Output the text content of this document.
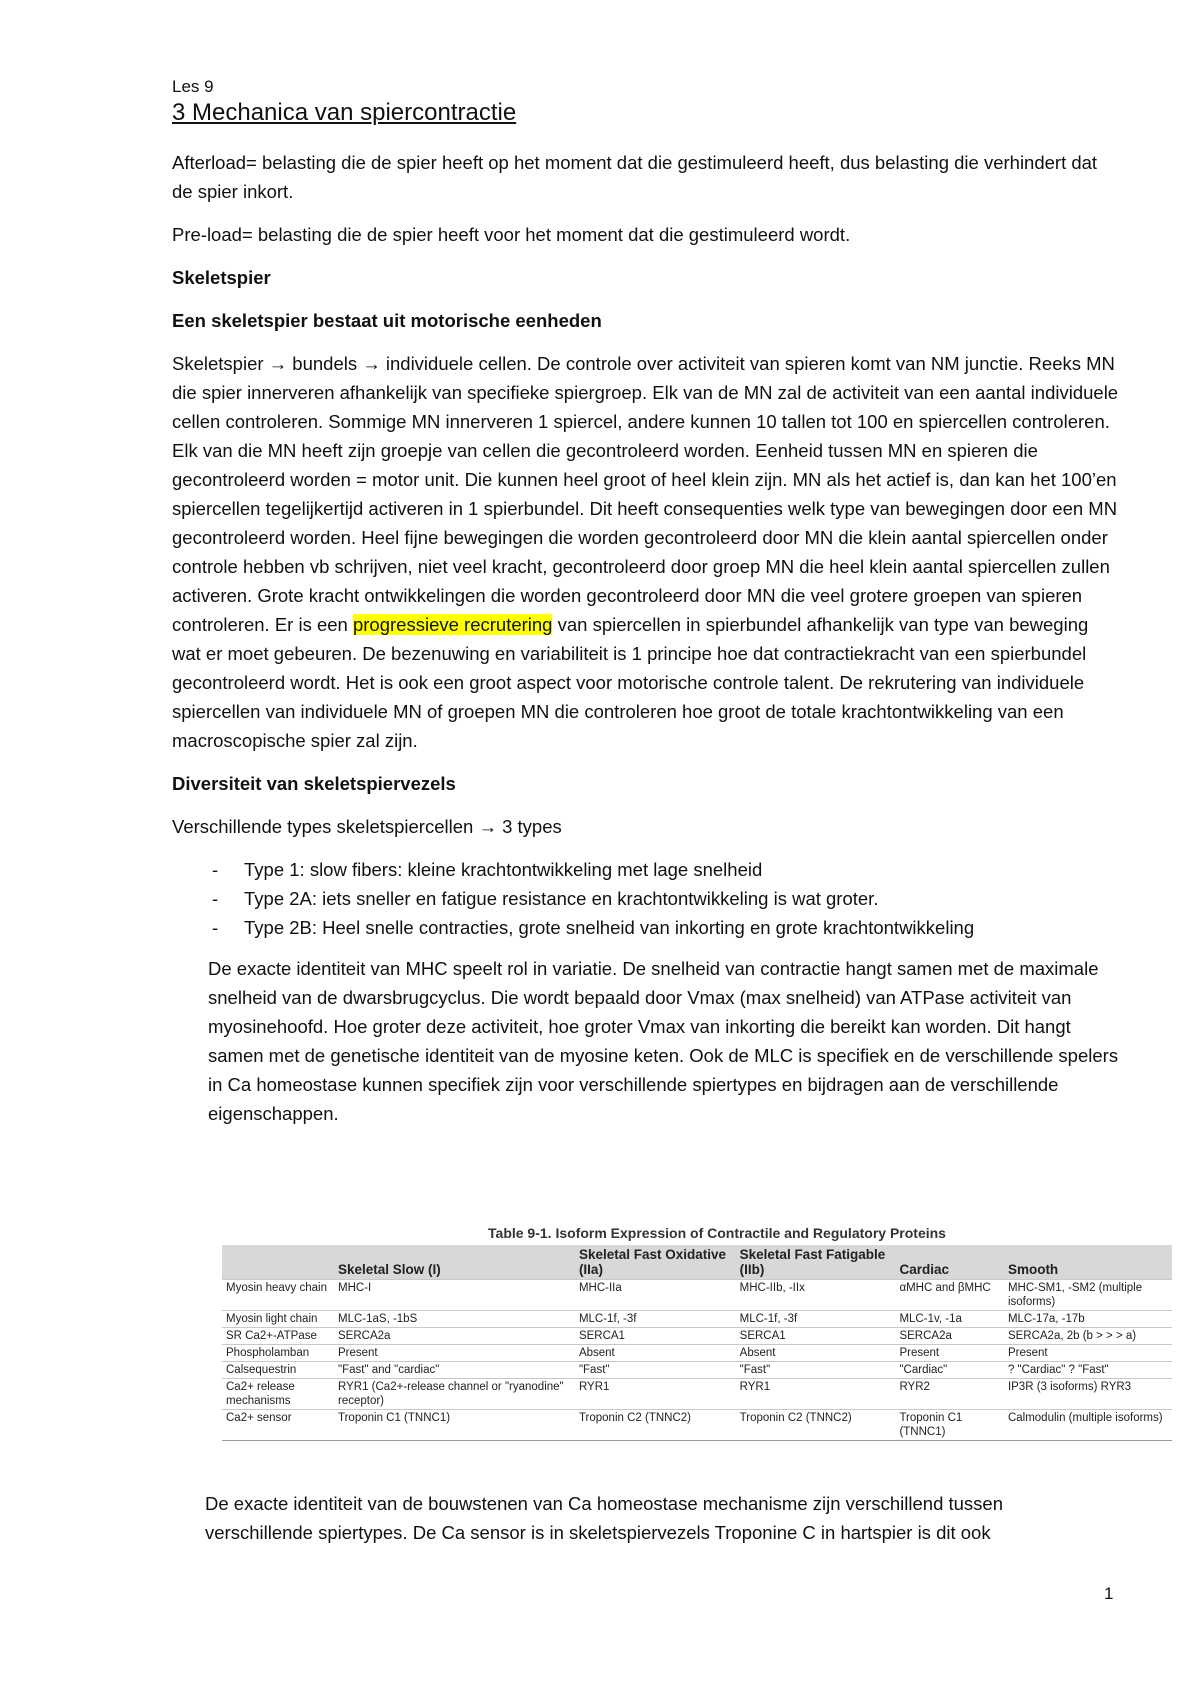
Les 9

3 Mechanica van spiercontractie

Afterload= belasting die de spier heeft op het moment dat die gestimuleerd heeft, dus belasting die verhindert dat de spier inkort.

Pre-load= belasting die de spier heeft voor het moment dat die gestimuleerd wordt.

Skeletspier

Een skeletspier bestaat uit motorische eenheden

Skeletspier → bundels → individuele cellen. De controle over activiteit van spieren komt van NM junctie. Reeks MN die spier innerveren afhankelijk van specifieke spiergroep. Elk van de MN zal de activiteit van een aantal individuele cellen controleren. Sommige MN innerveren 1 spiercel, andere kunnen 10 tallen tot 100 en spiercellen controleren. Elk van die MN heeft zijn groepje van cellen die gecontroleerd worden. Eenheid tussen MN en spieren die gecontroleerd worden = motor unit. Die kunnen heel groot of heel klein zijn. MN als het actief is, dan kan het 100’en spiercellen tegelijkertijd activeren in 1 spierbundel. Dit heeft consequenties welk type van bewegingen door een MN gecontroleerd worden. Heel fijne bewegingen die worden gecontroleerd door MN die klein aantal spiercellen onder controle hebben vb schrijven, niet veel kracht, gecontroleerd door groep MN die heel klein aantal spiercellen zullen activeren. Grote kracht ontwikkelingen die worden gecontroleerd door MN die veel grotere groepen van spieren controleren. Er is een progressieve recrutering van spiercellen in spierbundel afhankelijk van type van beweging wat er moet gebeuren. De bezenuwing en variabiliteit is 1 principe hoe dat contractiekracht van een spierbundel gecontroleerd wordt. Het is ook een groot aspect voor motorische controle talent. De rekrutering van individuele spiercellen van individuele MN of groepen MN die controleren hoe groot de totale krachtontwikkeling van een macroscopische spier zal zijn.

Diversiteit van skeletspiervezels

Verschillende types skeletspiercellen → 3 types

- Type 1: slow fibers: kleine krachtontwikkeling met lage snelheid
- Type 2A: iets sneller en fatigue resistance en krachtontwikkeling is wat groter.
- Type 2B: Heel snelle contracties, grote snelheid van inkorting en grote krachtontwikkeling

De exacte identiteit van MHC speelt rol in variatie. De snelheid van contractie hangt samen met de maximale snelheid van de dwarsbrugcyclus. Die wordt bepaald door Vmax (max snelheid) van ATPase activiteit van myosinehoofd. Hoe groter deze activiteit, hoe groter Vmax van inkorting die bereikt kan worden. Dit hangt samen met de genetische identiteit van de myosine keten. Ook de MLC is specifiek en de verschillende spelers in Ca homeostase kunnen specifiek zijn voor verschillende spiertypes en bijdragen aan de verschillende eigenschappen.

Table 9-1. Isoform Expression of Contractile and Regulatory Proteins
	Skeletal Slow (I)	Skeletal Fast Oxidative (IIa)	Skeletal Fast Fatigable (IIb)	Cardiac	Smooth
Myosin heavy chain	MHC-I	MHC-IIa	MHC-IIb, -IIx	αMHC and βMHC	MHC-SM1, -SM2 (multiple isoforms)
Myosin light chain	MLC-1aS, -1bS	MLC-1f, -3f	MLC-1f, -3f	MLC-1v, -1a	MLC-17a, -17b
SR Ca2+-ATPase	SERCA2a	SERCA1	SERCA1	SERCA2a	SERCA2a, 2b (b > > > a)
Phospholamban	Present	Absent	Absent	Present	Present
Calsequestrin	"Fast" and "cardiac"	"Fast"	"Fast"	"Cardiac"	? "Cardiac" ? "Fast"
Ca2+ release mechanisms	RYR1 (Ca2+-release channel or "ryanodine" receptor)	RYR1	RYR1	RYR2	IP3R (3 isoforms) RYR3
Ca2+ sensor	Troponin C1 (TNNC1)	Troponin C2 (TNNC2)	Troponin C2 (TNNC2)	Troponin C1 (TNNC1)	Calmodulin (multiple isoforms)

De exacte identiteit van de bouwstenen van Ca homeostase mechanisme zijn verschillend tussen verschillende spiertypes. De Ca sensor is in skeletspiervezels Troponine C in hartspier is dit ook

1
